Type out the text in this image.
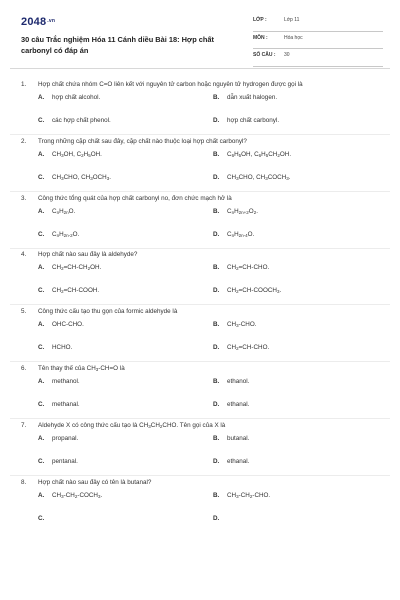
$2048^{.vn}$
30 câu Trắc nghiệm Hóa 11 Cánh diều Bài 18: Hợp chất carbonyl có đáp án
LỚP :	Lớp 11
MÔN :	Hóa học
SỐ CÂU : 30
1. Hợp chất chứa nhóm C=O liên kết với nguyên tử carbon hoặc nguyên tử hydrogen được gọi là
A. hợp chất alcohol.	B. dẫn xuất halogen.
C. các hợp chất phenol.	D. hợp chất carbonyl.
2. Trong những cặp chất sau đây, cặp chất nào thuộc loại hợp chất carbonyl?
A. $CH_3OH$, $C_2H_5OH$.	B. $C_6H_5OH$, $C_6H_5CH_2OH$.
C. $CH_3CHO$, $CH_3OCH_3$.	D. $CH_3CHO$, $CH_3COCH_3$.
3. Công thức tổng quát của hợp chất carbonyl no, đơn chức mạch hở là
A. $C_nH_{2n}O$.	B. $C_nH_{2n+2}O_2$.
C. $C_nH_{2n-2}O$.	D. $C_nH_{2n-4}O$.
4. Hợp chất nào sau đây là aldehyde?
A. $CH_2=CH-CH_2OH$.	B. $CH_2=CH$-CHO.
C. $CH_2=CH$-COOH.	D. $CH_2=CH-COOCH_3$.
5. Công thức cấu tạo thu gọn của formic aldehyde là
A. OHC-CHO.	B. $CH_3$-CHO.
C. HCHO.	D. $CH_2=CH$-CHO.
6. Tên thay thế của $CH_3-CH=O$ là
A. methanol.	B. ethanol.
C. methanal.	D. ethanal.
7. Aldehyde X có công thức cấu tạo là $CH_3CH_2CHO$. Tên gọi của X là
A. propanal.	B. butanal.
C. pentanal.	D. ethanal.
8. Hợp chất nào sau đây có tên là butanal?
A. $CH_3-CH_2-COCH_3$.	B. $CH_3-CH_2$-CHO.
C.	D.
